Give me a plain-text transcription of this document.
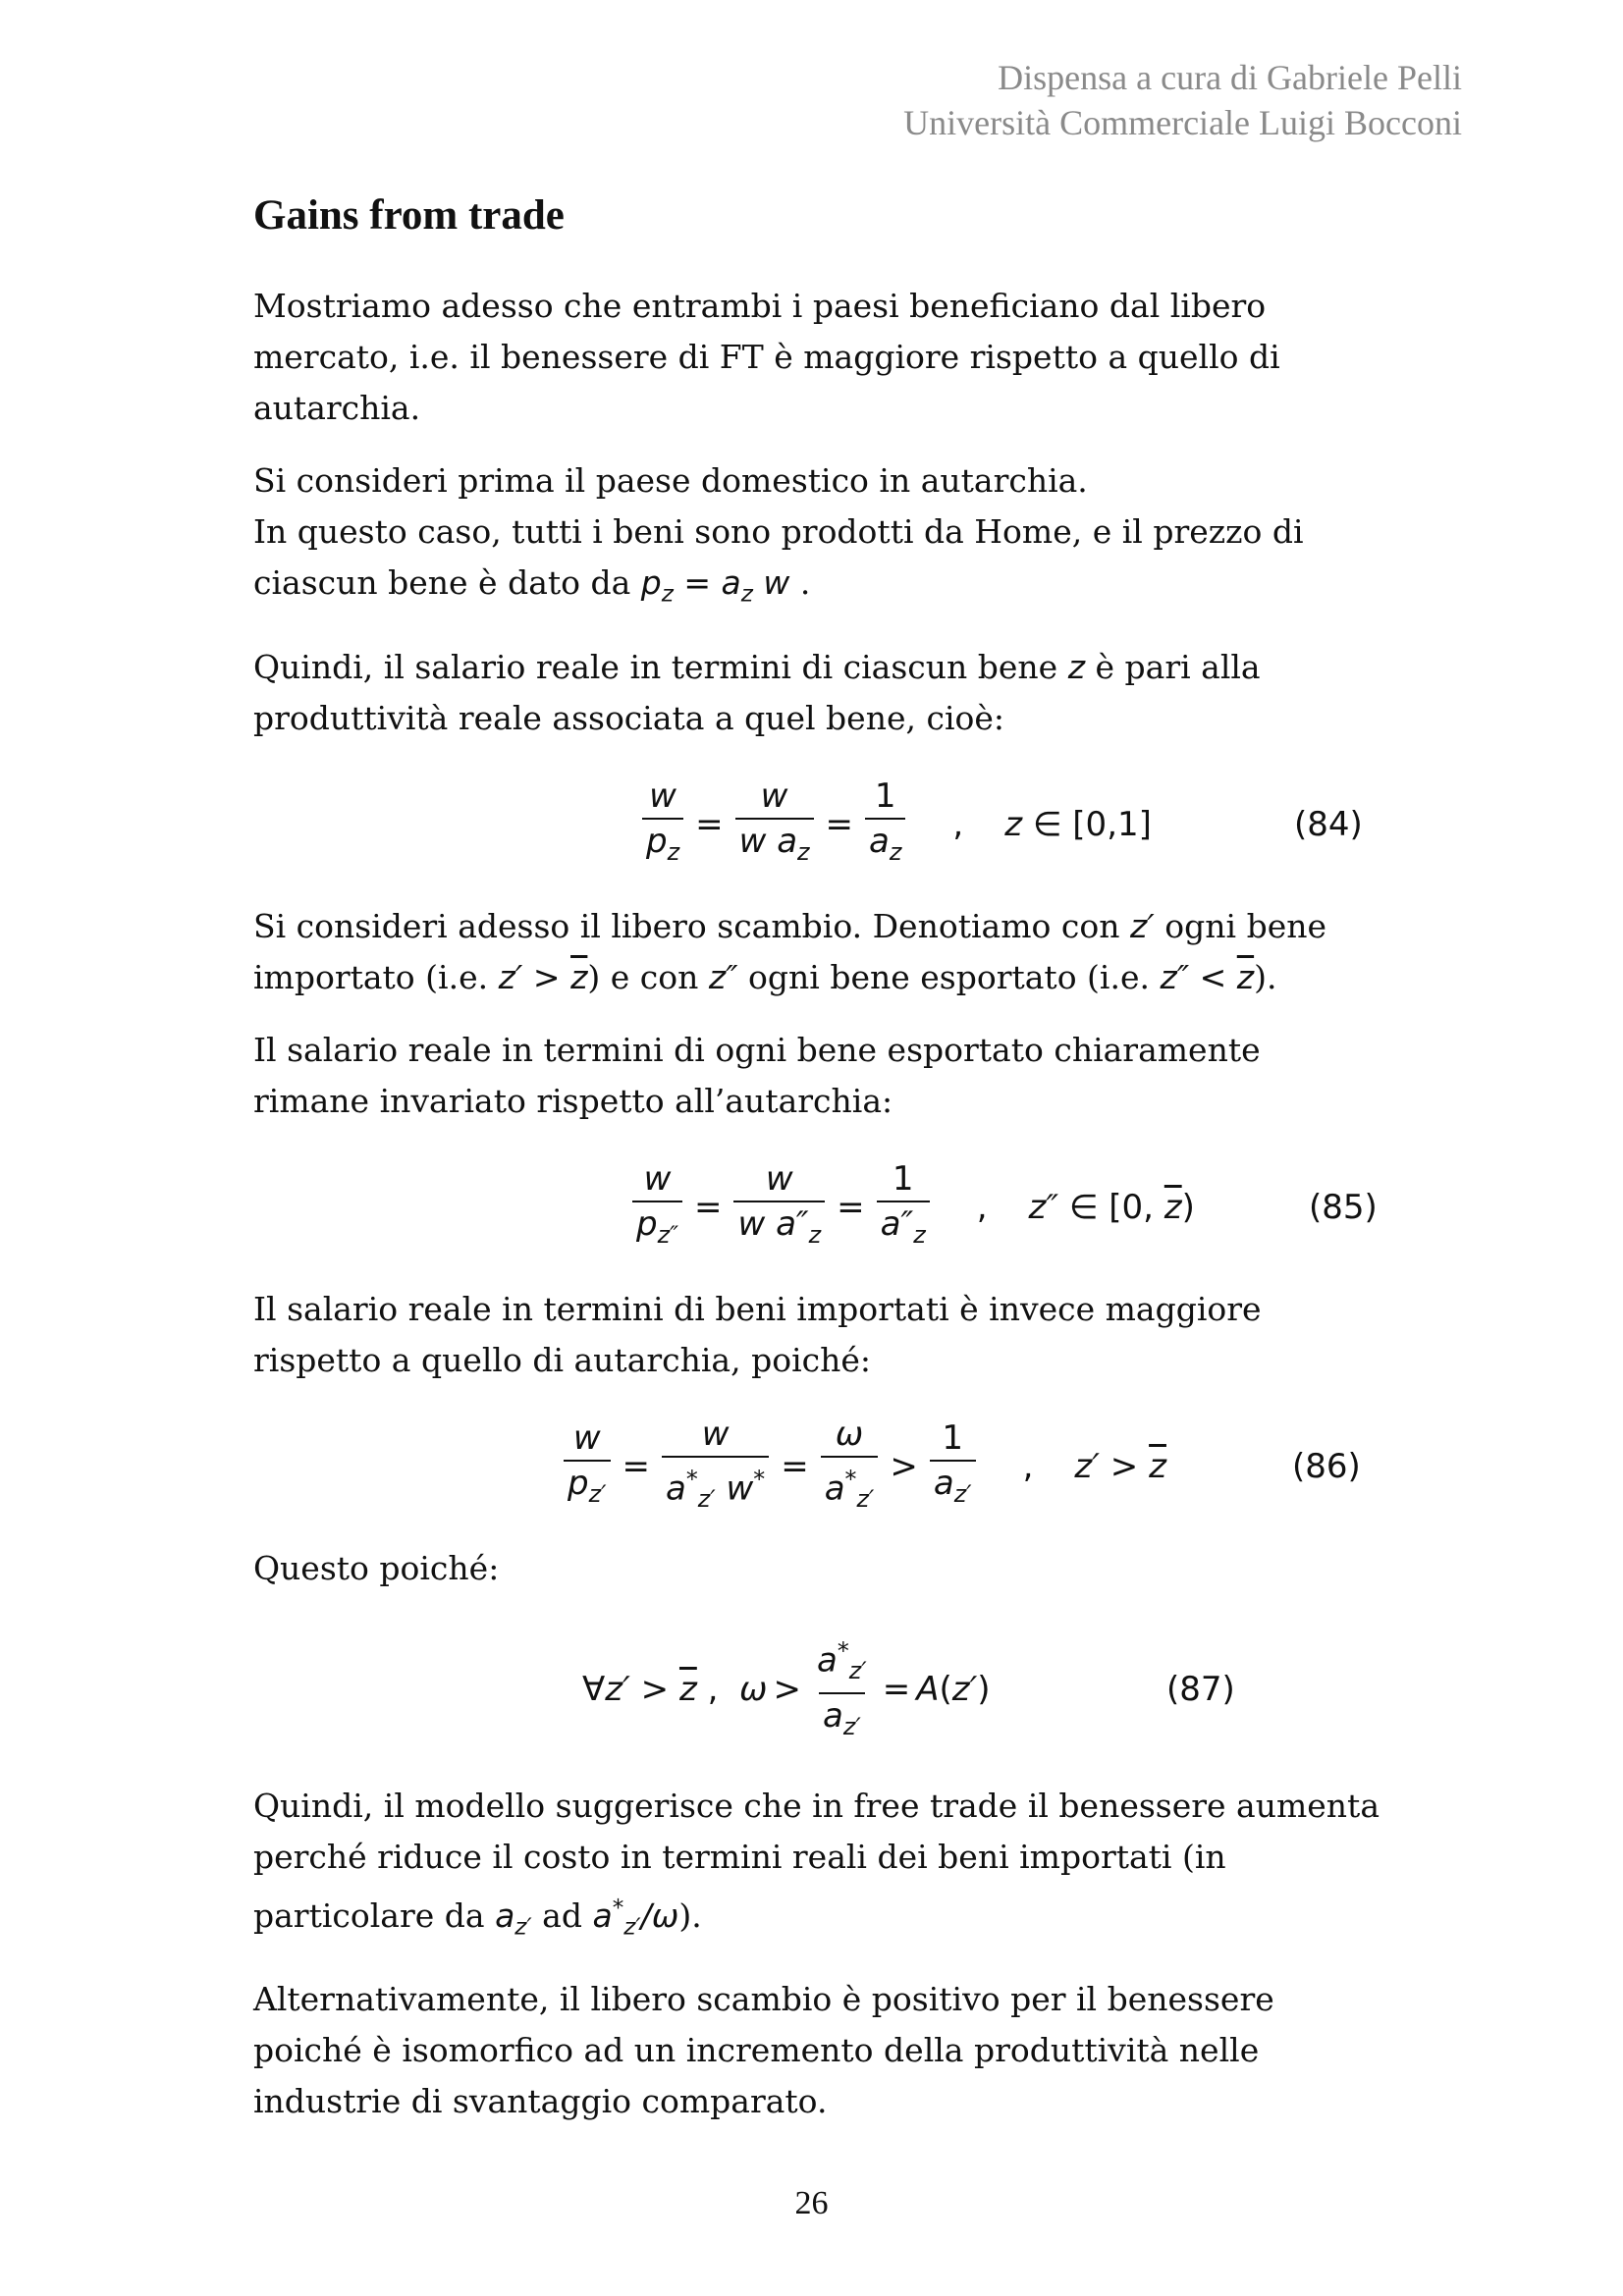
Dispensa a cura di Gabriele Pelli
Università Commerciale Luigi Bocconi
Gains from trade

Mostriamo adesso che entrambi i paesi beneficiano dal libero mercato, i.e. il benessere di FT è maggiore rispetto a quello di autarchia.

Si consideri prima il paese domestico in autarchia.

In questo caso, tutti i beni sono prodotti da Home, e il prezzo di ciascun bene è dato da $p_z = a_z$ w .

Quindi, il salario reale in termini di ciascun bene z è pari alla produttività reale associata a quel bene, cioè:

$\frac{w}{p_z} = \frac{w}{w a_z} = \frac{1}{a_z}$ , z ∈ [0,1]	(84)

Si consideri adesso il libero scambio. Denotiamo con z′ ogni bene importato (i.e. $z' > \overline{z}$) e con z″ ogni bene esportato (i.e. $z'' < \overline{z}$).

Il salario reale in termini di ogni bene esportato chiaramente rimane invariato rispetto all’autarchia:

$\frac{w}{p_{z''}} = \frac{w}{w a''_z} = \frac{1}{a''_z}$ , z″ ∈ [0, $\overline{z}$)	(85)

Il salario reale in termini di beni importati è invece maggiore rispetto a quello di autarchia, poiché:

$\frac{w}{p_{z'}} = \frac{w}{a^*_{z'} w^*} = \frac{\omega}{a^*_{z'}} > \frac{1}{a_{z'}}$ , $z' > \overline{z}$	(86)

Questo poiché:

∀z′ > $\overline{z}$ ,  $\omega > \frac{a^*_{z'}}{a_{z'}} = A(z')$	(87)

Quindi, il modello suggerisce che in free trade il benessere aumenta perché riduce il costo in termini reali dei beni importati (in particolare da $a_{z'}$ ad $a^*_{z'}/\omega$).

Alternativamente, il libero scambio è positivo per il benessere poiché è isomorfico ad un incremento della produttività nelle industrie di svantaggio comparato.

26
